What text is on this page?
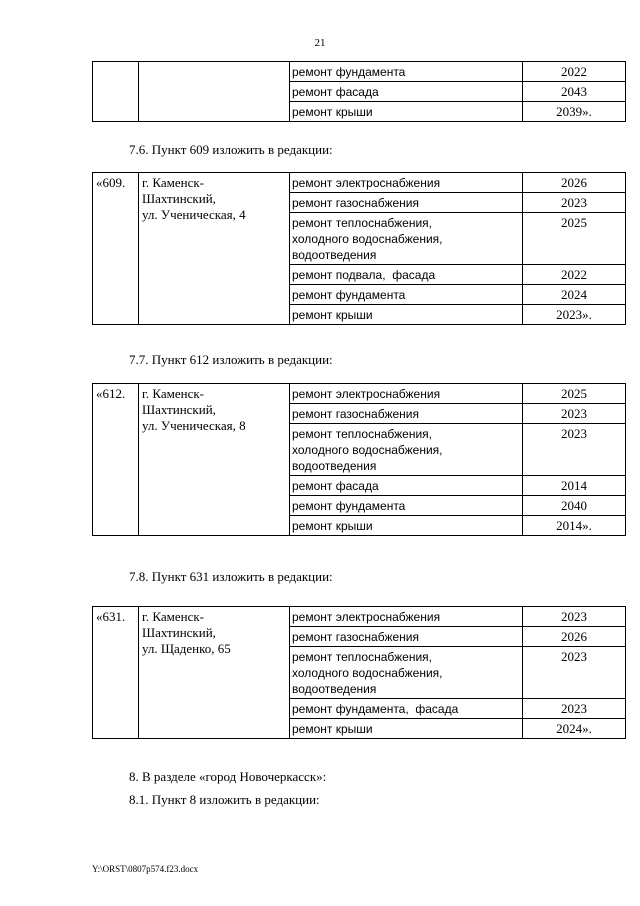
21
		ремонт фундамента	2022
		ремонт фасада	2043
		ремонт крыши	2039».
7.6. Пункт 609 изложить в редакции:
«609.	г. Каменск-
Шахтинский,
ул. Ученическая, 4	ремонт электроснабжения	2026

		ремонт газоснабжения	2023

		ремонт теплоснабжения,
холодного водоснабжения,
водоотведения	2025

		ремонт подвала,  фасада	2022

		ремонт фундамента	2024

		ремонт крыши	2023».
7.7. Пункт 612 изложить в редакции:
«612.	г. Каменск-
Шахтинский,
ул. Ученическая, 8	ремонт электроснабжения	2025

		ремонт газоснабжения	2023

		ремонт теплоснабжения,
холодного водоснабжения,
водоотведения	2023

		ремонт фасада	2014

		ремонт фундамента	2040

		ремонт крыши	2014».
7.8. Пункт 631 изложить в редакции:
«631.	г. Каменск-
Шахтинский,
ул. Щаденко, 65	ремонт электроснабжения	2023

		ремонт газоснабжения	2026

		ремонт теплоснабжения,
холодного водоснабжения,
водоотведения	2023

		ремонт фундамента,  фасада	2023

		ремонт крыши	2024».
8. В разделе «город Новочеркасск»:
8.1. Пункт 8 изложить в редакции:
Y:\ORST\0807p574.f23.docx
